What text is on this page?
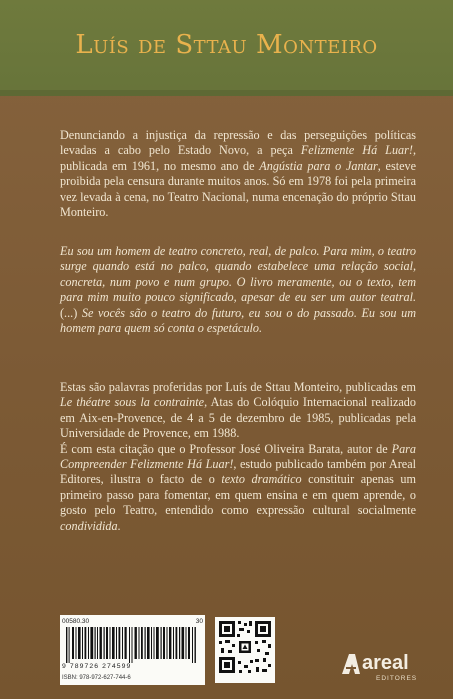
Luís de Sttau Monteiro
Denunciando a injustiça da repressão e das perseguições políticas levadas a cabo pelo Estado Novo, a peça Felizmente Há Luar!, publicada em 1961, no mesmo ano de Angústia para o Jantar, esteve proibida pela censura durante muitos anos. Só em 1978 foi pela primeira vez levada à cena, no Teatro Nacional, numa encenação do próprio Sttau Monteiro.
Eu sou um homem de teatro concreto, real, de palco. Para mim, o teatro surge quando está no palco, quando estabelece uma relação social, concreta, num povo e num grupo. O livro meramente, ou o texto, tem para mim muito pouco significado, apesar de eu ser um autor teatral. (...) Se vocês são o teatro do futuro, eu sou o do passado. Eu sou um homem para quem só conta o espetáculo.

Estas são palavras proferidas por Luís de Sttau Monteiro, publicadas em Le théatre sous la contrainte, Atas do Colóquio Internacional realizado em Aix-en-Provence, de 4 a 5 de dezembro de 1985, publicadas pela Universidade de Provence, em 1988.

É com esta citação que o Professor José Oliveira Barata, autor de Para Compreender Felizmente Há Luar!, estudo publicado também por Areal Editores, ilustra o facto de o texto dramático constituir apenas um primeiro passo para fomentar, em quem ensina e em quem aprende, o gosto pelo Teatro, entendido como expressão cultural socialmente condividida.

00580.30	30
9 789726 274599
ISBN: 978-972-627-744-6
areal
EDITORES
